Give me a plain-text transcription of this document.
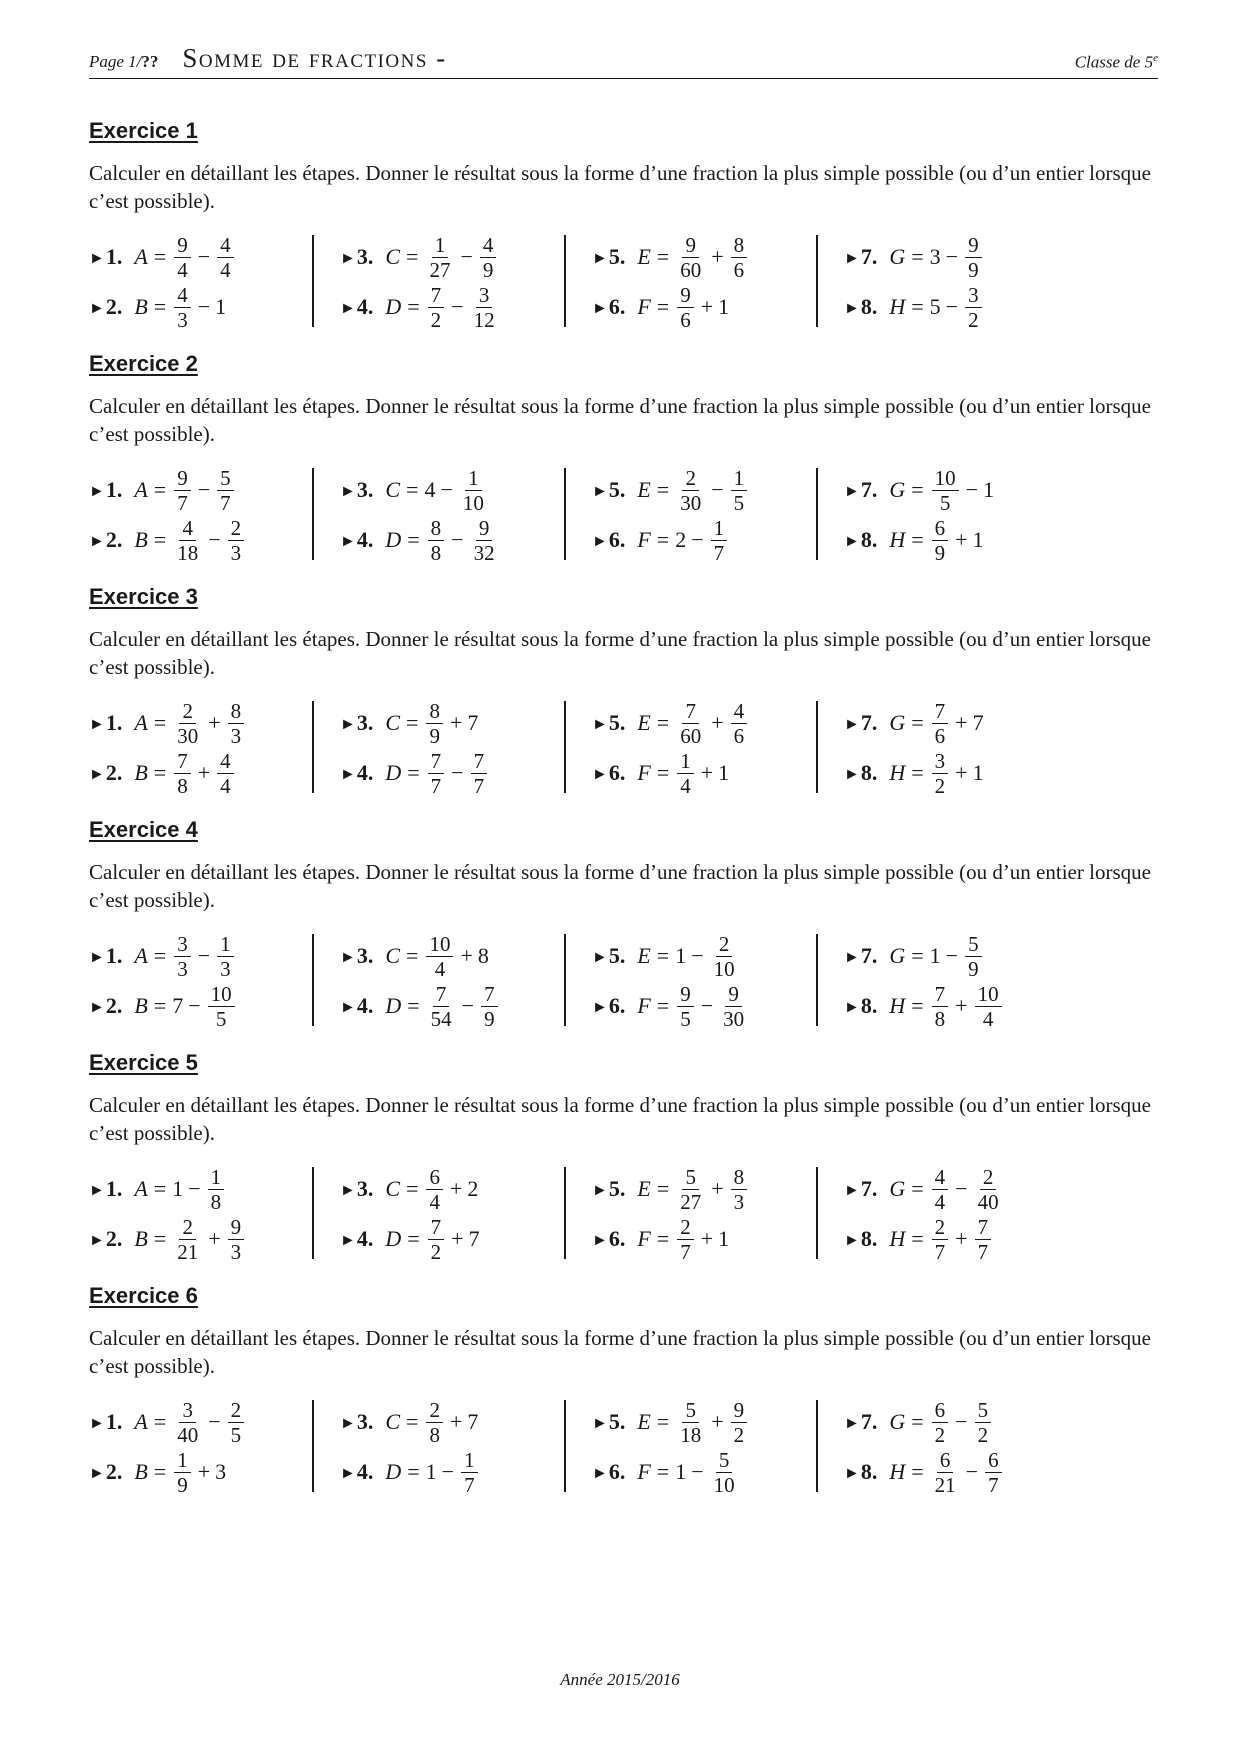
Page 1/?? Somme de fractions -	Classe de 5e
Exercice 1
Calculer en détaillant les étapes. Donner le résultat sous la forme d’une fraction la plus simple possible (ou d’un entier lorsque c’est possible).
►1. $A = \frac{9}{4} - \frac{4}{4}$
►2. $B = \frac{4}{3} - 1$
►3. $C = \frac{1}{27} - \frac{4}{9}$
►4. $D = \frac{7}{2} - \frac{3}{12}$
►5. $E = \frac{9}{60} + \frac{8}{6}$
►6. $F = \frac{9}{6} + 1$
►7. $G = 3 - \frac{9}{9}$
►8. $H = 5 - \frac{3}{2}$
Exercice 2
Calculer en détaillant les étapes. Donner le résultat sous la forme d’une fraction la plus simple possible (ou d’un entier lorsque c’est possible).
►1. $A = \frac{9}{7} - \frac{5}{7}$
►2. $B = \frac{4}{18} - \frac{2}{3}$
►3. $C = 4 - \frac{1}{10}$
►4. $D = \frac{8}{8} - \frac{9}{32}$
►5. $E = \frac{2}{30} - \frac{1}{5}$
►6. $F = 2 - \frac{1}{7}$
►7. $G = \frac{10}{5} - 1$
►8. $H = \frac{6}{9} + 1$
Exercice 3
Calculer en détaillant les étapes. Donner le résultat sous la forme d’une fraction la plus simple possible (ou d’un entier lorsque c’est possible).
►1. $A = \frac{2}{30} + \frac{8}{3}$
►2. $B = \frac{7}{8} + \frac{4}{4}$
►3. $C = \frac{8}{9} + 7$
►4. $D = \frac{7}{7} - \frac{7}{7}$
►5. $E = \frac{7}{60} + \frac{4}{6}$
►6. $F = \frac{1}{4} + 1$
►7. $G = \frac{7}{6} + 7$
►8. $H = \frac{3}{2} + 1$
Exercice 4
Calculer en détaillant les étapes. Donner le résultat sous la forme d’une fraction la plus simple possible (ou d’un entier lorsque c’est possible).
►1. $A = \frac{3}{3} - \frac{1}{3}$
►2. $B = 7 - \frac{10}{5}$
►3. $C = \frac{10}{4} + 8$
►4. $D = \frac{7}{54} - \frac{7}{9}$
►5. $E = 1 - \frac{2}{10}$
►6. $F = \frac{9}{5} - \frac{9}{30}$
►7. $G = 1 - \frac{5}{9}$
►8. $H = \frac{7}{8} + \frac{10}{4}$
Exercice 5
Calculer en détaillant les étapes. Donner le résultat sous la forme d’une fraction la plus simple possible (ou d’un entier lorsque c’est possible).
►1. $A = 1 - \frac{1}{8}$
►2. $B = \frac{2}{21} + \frac{9}{3}$
►3. $C = \frac{6}{4} + 2$
►4. $D = \frac{7}{2} + 7$
►5. $E = \frac{5}{27} + \frac{8}{3}$
►6. $F = \frac{2}{7} + 1$
►7. $G = \frac{4}{4} - \frac{2}{40}$
►8. $H = \frac{2}{7} + \frac{7}{7}$
Exercice 6
Calculer en détaillant les étapes. Donner le résultat sous la forme d’une fraction la plus simple possible (ou d’un entier lorsque c’est possible).
►1. $A = \frac{3}{40} - \frac{2}{5}$
►2. $B = \frac{1}{9} + 3$
►3. $C = \frac{2}{8} + 7$
►4. $D = 1 - \frac{1}{7}$
►5. $E = \frac{5}{18} + \frac{9}{2}$
►6. $F = 1 - \frac{5}{10}$
►7. $G = \frac{6}{2} - \frac{5}{2}$
►8. $H = \frac{6}{21} - \frac{6}{7}$
Année 2015/2016
